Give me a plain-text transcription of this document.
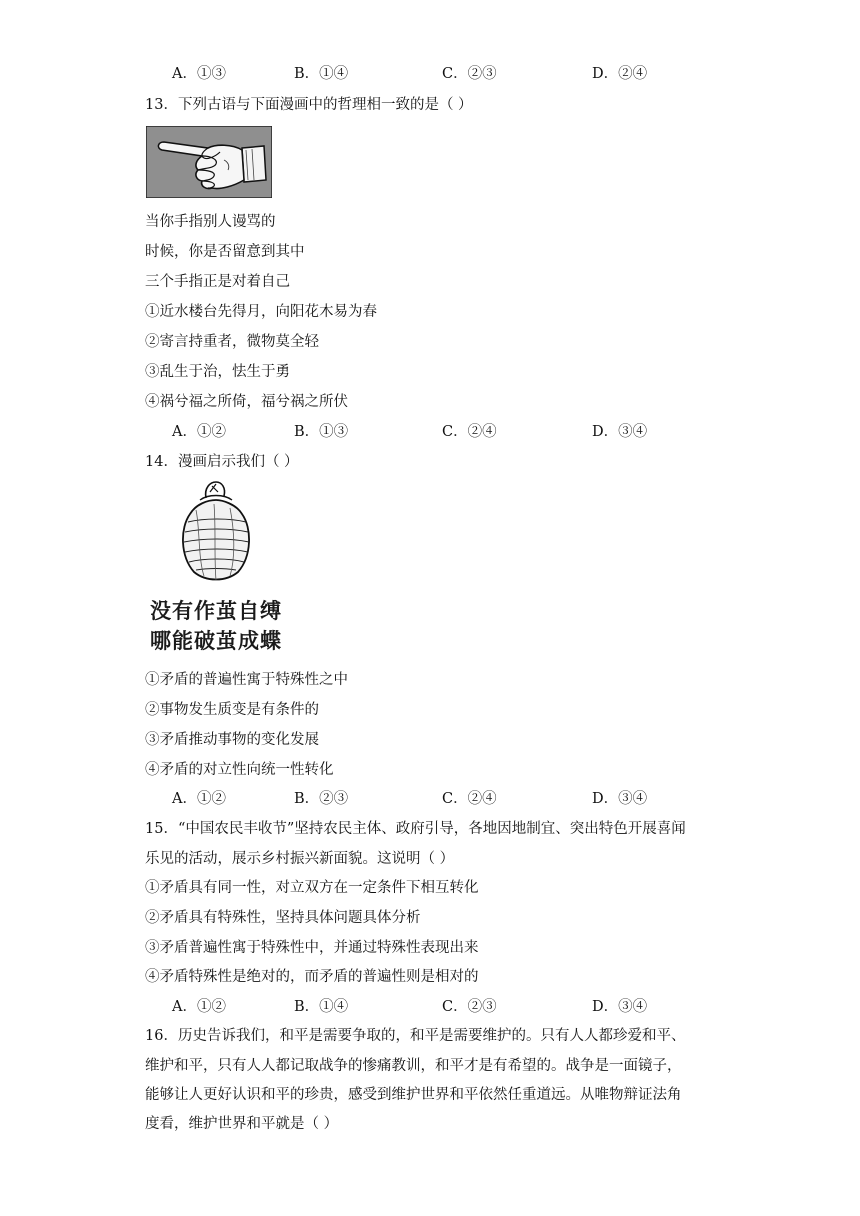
A．①③	B．①④	C．②③	D．②④
13．下列古语与下面漫画中的哲理相一致的是（ ）
当你手指别人谩骂的
时候，你是否留意到其中
三个手指正是对着自己
①近水楼台先得月，向阳花木易为春
②寄言持重者，微物莫全轻
③乱生于治，怯生于勇
④祸兮福之所倚，福兮祸之所伏
A．①②	B．①③	C．②④	D．③④
14．漫画启示我们（ ）
没有作茧自缚
哪能破茧成蝶
①矛盾的普遍性寓于特殊性之中
②事物发生质变是有条件的
③矛盾推动事物的变化发展
④矛盾的对立性向统一性转化
A．①②	B．②③	C．②④	D．③④
15．“中国农民丰收节”坚持农民主体、政府引导，各地因地制宜、突出特色开展喜闻
乐见的活动，展示乡村振兴新面貌。这说明（ ）
①矛盾具有同一性，对立双方在一定条件下相互转化
②矛盾具有特殊性，坚持具体问题具体分析
③矛盾普遍性寓于特殊性中，并通过特殊性表现出来
④矛盾特殊性是绝对的，而矛盾的普遍性则是相对的
A．①②	B．①④	C．②③	D．③④
16．历史告诉我们，和平是需要争取的，和平是需要维护的。只有人人都珍爱和平、
维护和平，只有人人都记取战争的惨痛教训，和平才是有希望的。战争是一面镜子，
能够让人更好认识和平的珍贵，感受到维护世界和平依然任重道远。从唯物辩证法角
度看，维护世界和平就是（ ）
